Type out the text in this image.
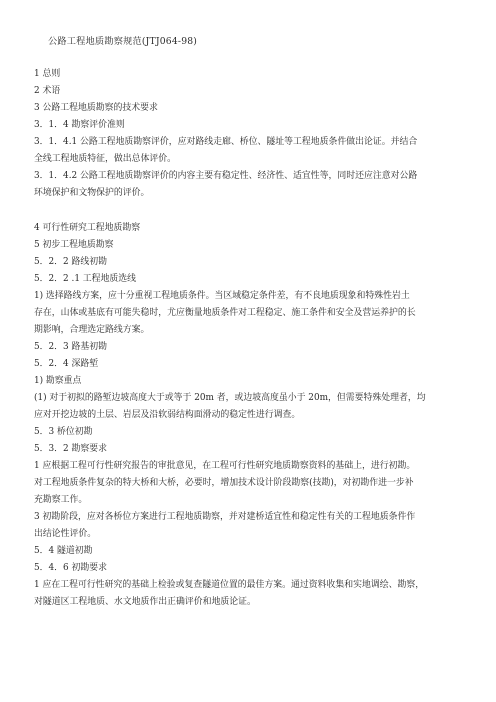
公路工程地质勘察规范(JTJ064-98)
1 总则
2 术语
3 公路工程地质勘察的技术要求
3．1．4 勘察评价准则
3．1．4.1 公路工程地质勘察评价，应对路线走廊、桥位、隧址等工程地质条件做出论证。并结合
全线工程地质特征，做出总体评价。
3．1．4.2 公路工程地质勘察评价的内容主要有稳定性、经济性、适宜性等，同时还应注意对公路
环境保护和文物保护的评价。
4 可行性研究工程地质勘察
5 初步工程地质勘察
5．2．2 路线初勘
5．2．2 .1 工程地质选线
1) 选择路线方案，应十分重视工程地质条件。当区域稳定条件差，有不良地质现象和特殊性岩土
存在，山体或基底有可能失稳时，尤应衡量地质条件对工程稳定、施工条件和安全及营运养护的长
期影响，合理选定路线方案。
5．2．3 路基初勘
5．2．4 深路堑
1) 勘察重点
(1) 对于初拟的路堑边坡高度大于或等于 20m 者，或边坡高度虽小于 20m，但需要特殊处理者，均
应对开挖边坡的土层、岩层及沿软弱结构面滑动的稳定性进行调查。
5．3 桥位初勘
5．3．2 勘察要求
1 应根据工程可行性研究报告的审批意见，在工程可行性研究地质勘察资料的基础上，进行初勘。
对工程地质条件复杂的特大桥和大桥，必要时，增加技术设计阶段勘察(技勘)，对初勘作进一步补
充勘察工作。
3 初勘阶段，应对各桥位方案进行工程地质勘察，并对建桥适宜性和稳定性有关的工程地质条件作
出结论性评价。
5．4 隧道初勘
5．4．6 初勘要求
1 应在工程可行性研究的基础上检验或复查隧道位置的最佳方案。通过资料收集和实地调绘、勘察，
对隧道区工程地质、水文地质作出正确评价和地质论证。
